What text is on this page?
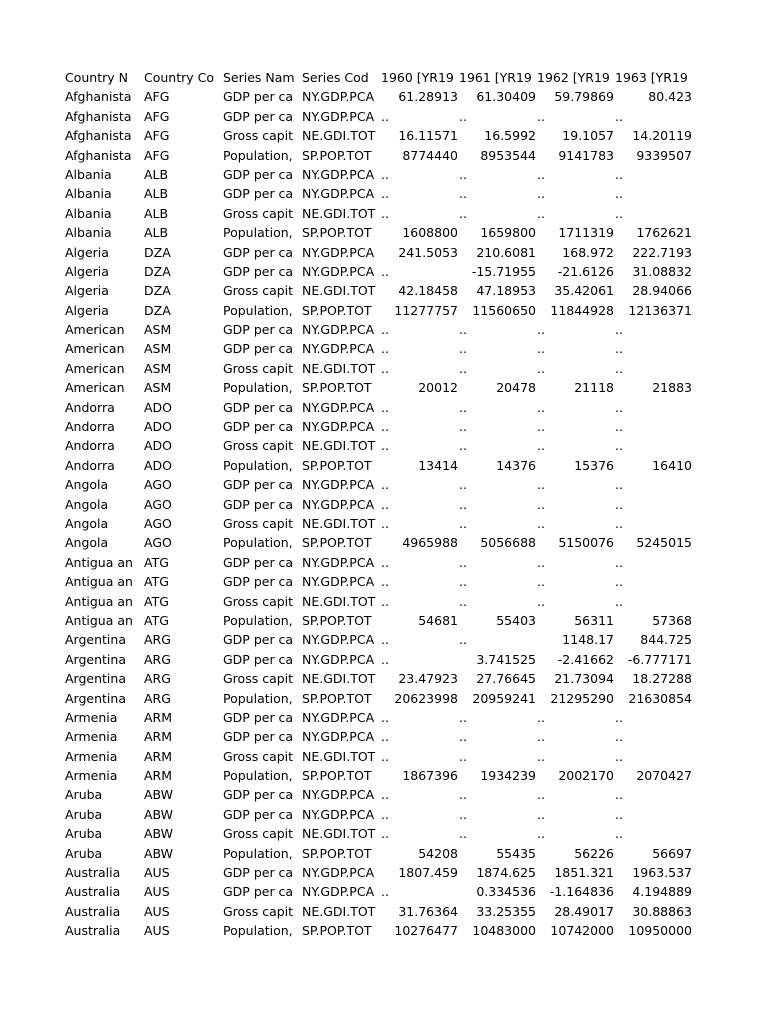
Country N	Country Co Series Nam Series Cod 1960 [YR19 1961 [YR19 1962 [YR19 1963 [YR19
Afghanista	AFG	GDP per ca NY.GDP.PCA	61.28913	61.30409	59.79869	80.423
Afghanista	AFG	GDP per ca NY.GDP.PCA ..	..	..	..
Afghanista	AFG	Gross capit NE.GDI.TOT	16.11571	16.5992	19.1057	14.20119
Afghanista	AFG	Population, SP.POP.TOT	8774440	8953544	9141783	9339507
Albania	ALB	GDP per ca NY.GDP.PCA ..	..	..	..
Albania	ALB	GDP per ca NY.GDP.PCA ..	..	..	..
Albania	ALB	Gross capit NE.GDI.TOT ..	..	..	..
Albania	ALB	Population, SP.POP.TOT	1608800	1659800	1711319	1762621
Algeria	DZA	GDP per ca NY.GDP.PCA	241.5053	210.6081	168.972	222.7193
Algeria	DZA	GDP per ca NY.GDP.PCA ..	-15.71955	-21.6126	31.08832
Algeria	DZA	Gross capit NE.GDI.TOT	42.18458	47.18953	35.42061	28.94066
Algeria	DZA	Population, SP.POP.TOT	11277757	11560650	11844928	12136371
American	ASM	GDP per ca NY.GDP.PCA ..	..	..	..
American	ASM	GDP per ca NY.GDP.PCA ..	..	..	..
American	ASM	Gross capit NE.GDI.TOT ..	..	..	..
American	ASM	Population, SP.POP.TOT	20012	20478	21118	21883
Andorra	ADO	GDP per ca NY.GDP.PCA ..	..	..	..
Andorra	ADO	GDP per ca NY.GDP.PCA ..	..	..	..
Andorra	ADO	Gross capit NE.GDI.TOT ..	..	..	..
Andorra	ADO	Population, SP.POP.TOT	13414	14376	15376	16410
Angola	AGO	GDP per ca NY.GDP.PCA ..	..	..	..
Angola	AGO	GDP per ca NY.GDP.PCA ..	..	..	..
Angola	AGO	Gross capit NE.GDI.TOT ..	..	..	..
Angola	AGO	Population, SP.POP.TOT	4965988	5056688	5150076	5245015
Antigua an ATG	GDP per ca NY.GDP.PCA ..	..	..	..
Antigua an ATG	GDP per ca NY.GDP.PCA ..	..	..	..
Antigua an ATG	Gross capit NE.GDI.TOT ..	..	..	..
Antigua an ATG	Population, SP.POP.TOT	54681	55403	56311	57368
Argentina	ARG	GDP per ca NY.GDP.PCA ..	..	1148.17	844.725
Argentina	ARG	GDP per ca NY.GDP.PCA ..	3.741525	-2.41662	-6.777171
Argentina	ARG	Gross capit NE.GDI.TOT	23.47923	27.76645	21.73094	18.27288
Argentina	ARG	Population, SP.POP.TOT	20623998	20959241	21295290	21630854
Armenia	ARM	GDP per ca NY.GDP.PCA ..	..	..	..
Armenia	ARM	GDP per ca NY.GDP.PCA ..	..	..	..
Armenia	ARM	Gross capit NE.GDI.TOT ..	..	..	..
Armenia	ARM	Population, SP.POP.TOT	1867396	1934239	2002170	2070427
Aruba	ABW	GDP per ca NY.GDP.PCA ..	..	..	..
Aruba	ABW	GDP per ca NY.GDP.PCA ..	..	..	..
Aruba	ABW	Gross capit NE.GDI.TOT ..	..	..	..
Aruba	ABW	Population, SP.POP.TOT	54208	55435	56226	56697
Australia	AUS	GDP per ca NY.GDP.PCA	1807.459	1874.625	1851.321	1963.537
Australia	AUS	GDP per ca NY.GDP.PCA ..	0.334536	-1.164836	4.194889
Australia	AUS	Gross capit NE.GDI.TOT	31.76364	33.25355	28.49017	30.88863
Australia	AUS	Population, SP.POP.TOT	10276477	10483000	10742000	10950000
